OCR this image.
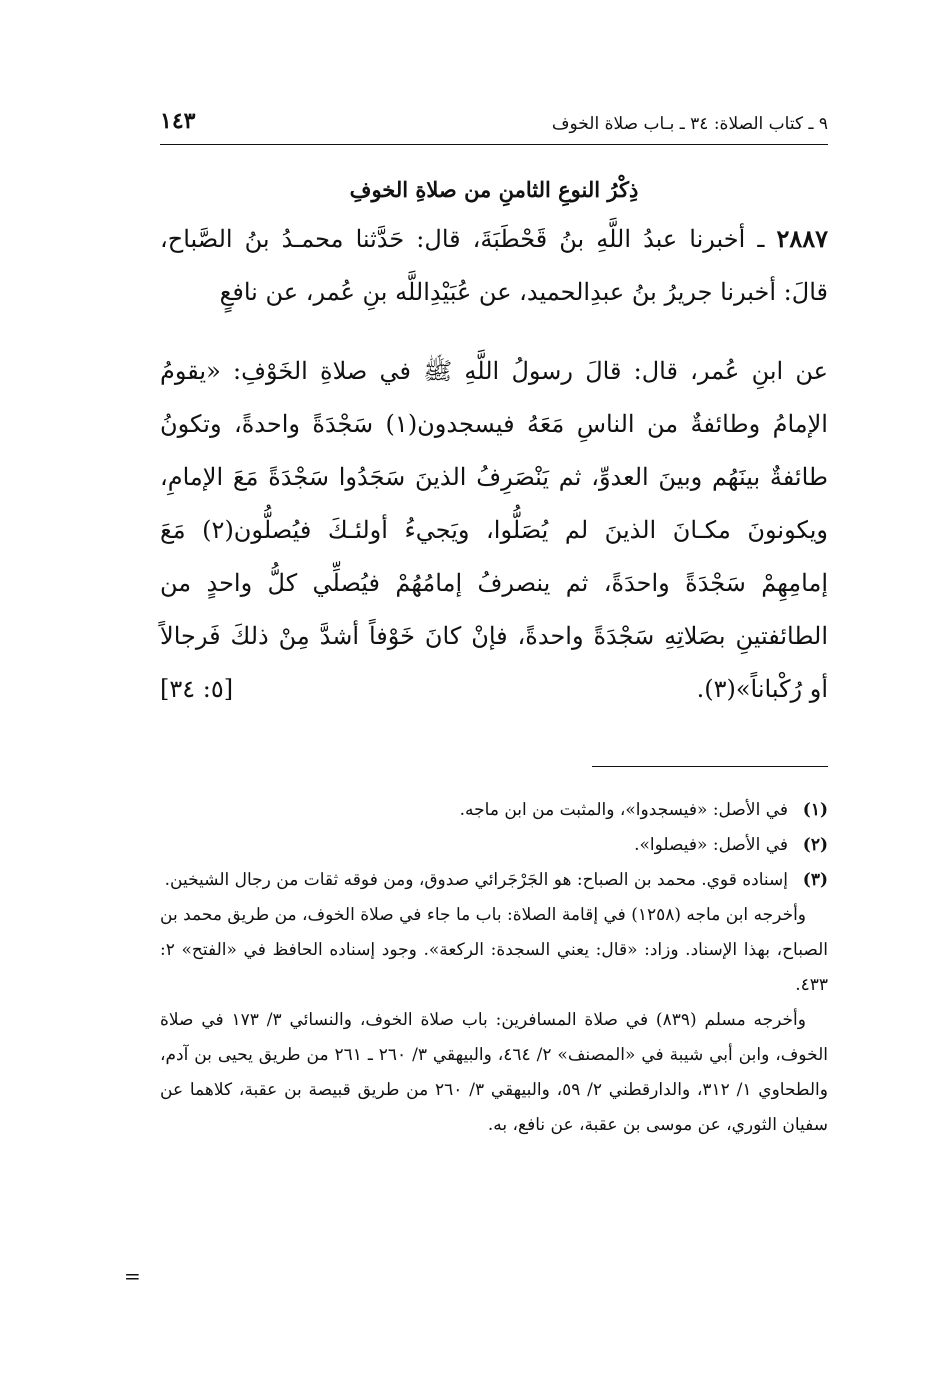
٩ ـ كتاب الصلاة: ٣٤ ـ بـاب صلاة الخوف
١٤٣
ذِكْرُ النوعِ الثامنِ من صلاةِ الخوفِ

٢٨٨٧ ـ أخبرنا عبدُ اللَّهِ بنُ قَحْطَبَةَ، قال: حَدَّثنا محمـدُ بنُ الصَّباح، قالَ: أخبرنا جريرُ بنُ عبدِالحميد، عن عُبَيْدِاللَّه بنِ عُمر، عن نافعٍ

عن ابنِ عُمر، قال: قالَ رسولُ اللَّهِ ﷺ في صلاةِ الخَوْفِ: «يقومُ الإمامُ وطائفةٌ من الناسِ مَعَهُ فيسجدون(١) سَجْدَةً واحدةً، وتكونُ طائفةٌ بينَهُم وبينَ العدوِّ، ثم يَنْصَرِفُ الذينَ سَجَدُوا سَجْدَةً مَعَ الإمامِ، ويكونونَ مكـانَ الذينَ لم يُصَلُّوا، ويَجيءُ أولئـكَ فيُصلُّون(٢) مَعَ إمامِهِمْ سَجْدَةً واحدَةً، ثم ينصرفُ إمامُهُمْ فيُصلِّي كلُّ واحدٍ من الطائفتينِ بصَلاتِهِ سَجْدَةً واحدةً، فإنْ كانَ خَوْفاً أشدَّ مِنْ ذلكَ فَرجالاً أو رُكْباناً»(٣).
[٥: ٣٤]

(١)
في الأصل: «فيسجدوا»، والمثبت من ابن ماجه.

(٢)
في الأصل: «فيصلوا».

(٣)
إسناده قوي. محمد بن الصباح: هو الجَرْجَرائي صدوق، ومن فوقه ثقات من رجال الشيخين.

وأخرجه ابن ماجه (١٢٥٨) في إقامة الصلاة: باب ما جاء في صلاة الخوف، من طريق محمد بن الصباح، بهذا الإسناد. وزاد: «قال: يعني السجدة: الركعة». وجود إسناده الحافظ في «الفتح» ٢: ٤٣٣.

وأخرجه مسلم (٨٣٩) في صلاة المسافرين: باب صلاة الخوف، والنسائي ٣/ ١٧٣ في صلاة الخوف، وابن أبي شيبة في «المصنف» ٢/ ٤٦٤، والبيهقي ٣/ ٢٦٠ ـ ٢٦١ من طريق يحيى بن آدم، والطحاوي ١/ ٣١٢، والدارقطني ٢/ ٥٩، والبيهقي ٣/ ٢٦٠ من طريق قبيصة بن عقبة، كلاهما عن سفيان الثوري، عن موسى بن عقبة، عن نافع، به.

=
